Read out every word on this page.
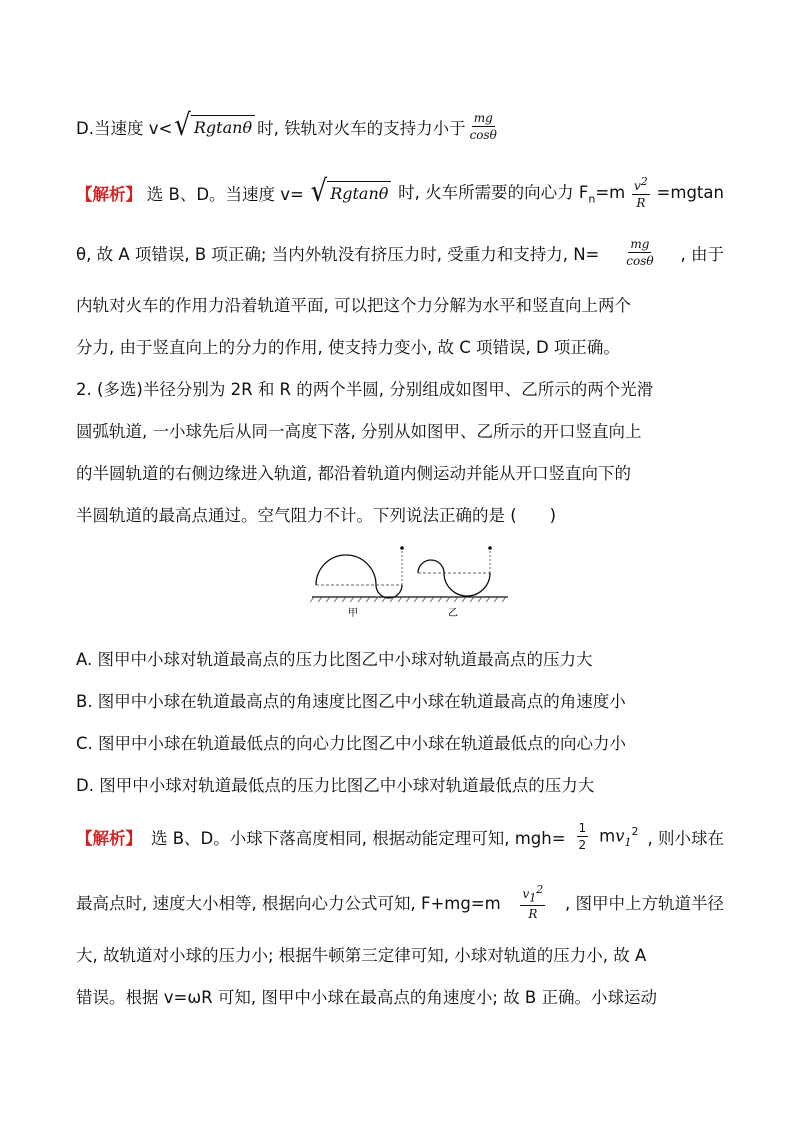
D.当速度 v< √ Rgtanθ 时, 铁轨对火车的支持力小于 $\frac{mg}{\cos\theta}$
【解析】 选 B、D。当速度 v= √ Rgtanθ 时, 火车所需要的向心力 $F_n=m \frac{v^2}{R} =mgtan$
θ, 故 A 项错误, B 项正确; 当内外轨没有挤压力时, 受重力和支持力, $N= \frac{mg}{\cos\theta}$ , 由于
内轨对火车的作用力沿着轨道平面, 可以把这个力分解为水平和竖直向上两个
分力, 由于竖直向上的分力的作用, 使支持力变小, 故 C 项错误, D 项正确。
2. (多选)半径分别为 2R 和 R 的两个半圆, 分别组成如图甲、乙所示的两个光滑
圆弧轨道, 一小球先后从同一高度下落, 分别从如图甲、乙所示的开口竖直向上
的半圆轨道的右侧边缘进入轨道, 都沿着轨道内侧运动并能从开口竖直向下的
半圆轨道的最高点通过。空气阻力不计。下列说法正确的是 (　　)
甲	乙
A. 图甲中小球对轨道最高点的压力比图乙中小球对轨道最高点的压力大
B. 图甲中小球在轨道最高点的角速度比图乙中小球在轨道最高点的角速度小
C. 图甲中小球在轨道最低点的向心力比图乙中小球在轨道最低点的向心力小
D. 图甲中小球对轨道最低点的压力比图乙中小球对轨道最低点的压力大
【解析】 选 B、D。小球下落高度相同, 根据动能定理可知, $mgh= \frac{1}{2} mv_1^2$ , 则小球在
最高点时, 速度大小相等, 根据向心力公式可知, $F+mg=m \frac{v_1^2}{R}$ , 图甲中上方轨道半径
大, 故轨道对小球的压力小; 根据牛顿第三定律可知, 小球对轨道的压力小, 故 A
错误。根据 v=ωR 可知, 图甲中小球在最高点的角速度小; 故 B 正确。小球运动
